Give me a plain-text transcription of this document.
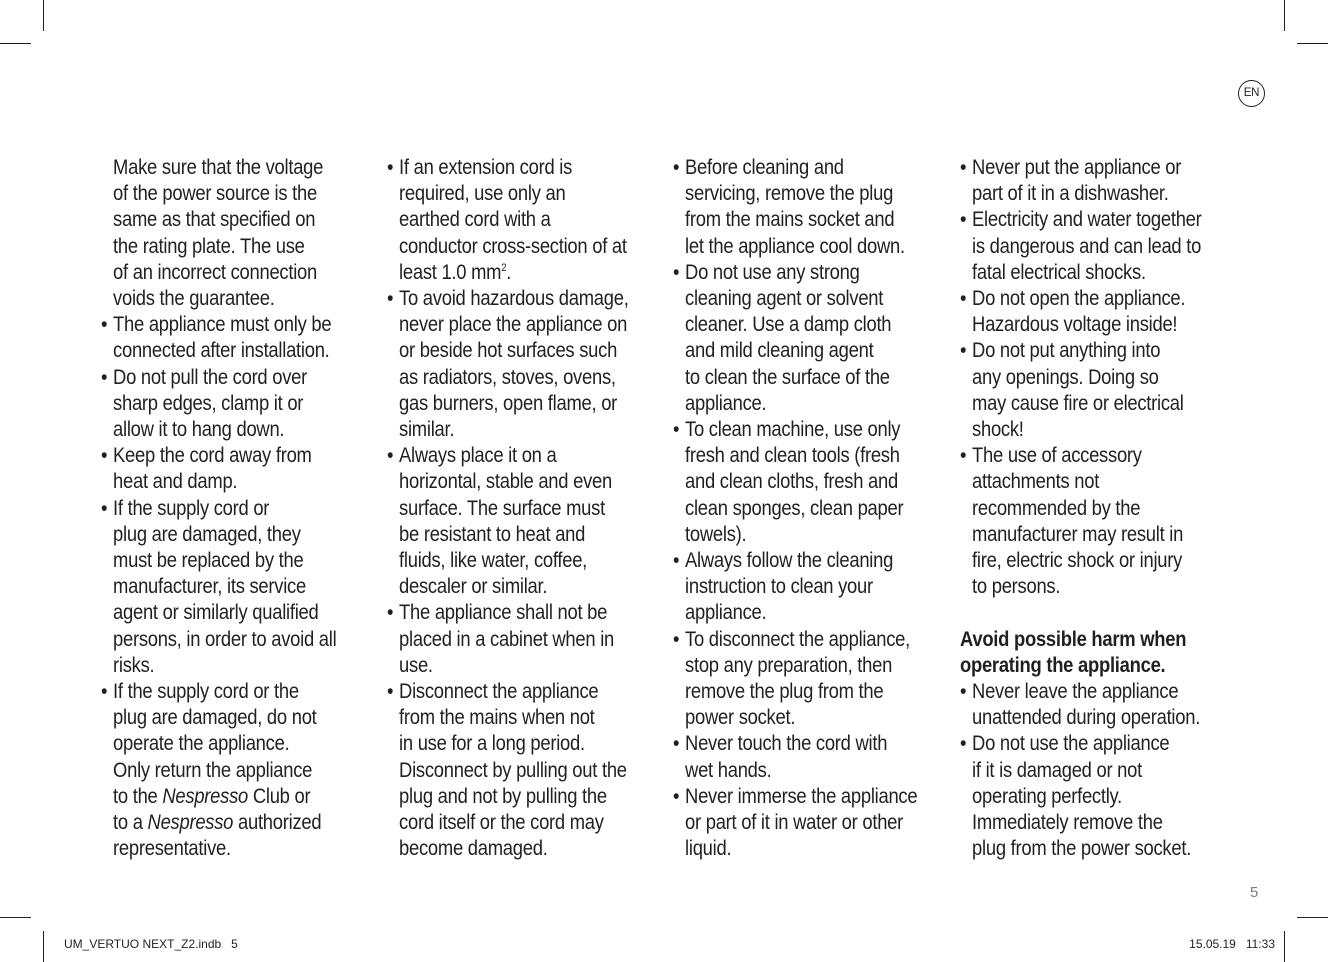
EN

Make sure that the voltage
of the power source is the
same as that specified on
the rating plate. The use
of an incorrect connection
voids the guarantee.

• The appliance must only be
connected after installation.
• Do not pull the cord over
sharp edges, clamp it or
allow it to hang down.
• Keep the cord away from
heat and damp.
• If the supply cord or
plug are damaged, they
must be replaced by the
manufacturer, its service
agent or similarly qualified
persons, in order to avoid all
risks.
• If the supply cord or the
plug are damaged, do not
operate the appliance.
Only return the appliance
to the Nespresso Club or
to a Nespresso authorized
representative.
• If an extension cord is
required, use only an
earthed cord with a
conductor cross-section of at
least 1.0 $mm^2$.
• To avoid hazardous damage,
never place the appliance on
or beside hot surfaces such
as radiators, stoves, ovens,
gas burners, open flame, or
similar.
• Always place it on a
horizontal, stable and even
surface. The surface must
be resistant to heat and
fluids, like water, coffee,
descaler or similar.
• The appliance shall not be
placed in a cabinet when in
use.
• Disconnect the appliance
from the mains when not
in use for a long period.
Disconnect by pulling out the
plug and not by pulling the
cord itself or the cord may
become damaged.
• Before cleaning and
servicing, remove the plug
from the mains socket and
let the appliance cool down.
• Do not use any strong
cleaning agent or solvent
cleaner. Use a damp cloth
and mild cleaning agent
to clean the surface of the
appliance.
• To clean machine, use only
fresh and clean tools (fresh
and clean cloths, fresh and
clean sponges, clean paper
towels).
• Always follow the cleaning
instruction to clean your
appliance.
• To disconnect the appliance,
stop any preparation, then
remove the plug from the
power socket.
• Never touch the cord with
wet hands.
• Never immerse the appliance
or part of it in water or other
liquid.
• Never put the appliance or
part of it in a dishwasher.
• Electricity and water together
is dangerous and can lead to
fatal electrical shocks.
• Do not open the appliance.
Hazardous voltage inside!
• Do not put anything into
any openings. Doing so
may cause fire or electrical
shock!
• The use of accessory
attachments not
recommended by the
manufacturer may result in
fire, electric shock or injury
to persons.

Avoid possible harm when
operating the appliance.

• Never leave the appliance
unattended during operation.
• Do not use the appliance
if it is damaged or not
operating perfectly.
Immediately remove the
plug from the power socket.
5
UM_VERTUO NEXT_Z2.indb   5	15.05.19   11:33
